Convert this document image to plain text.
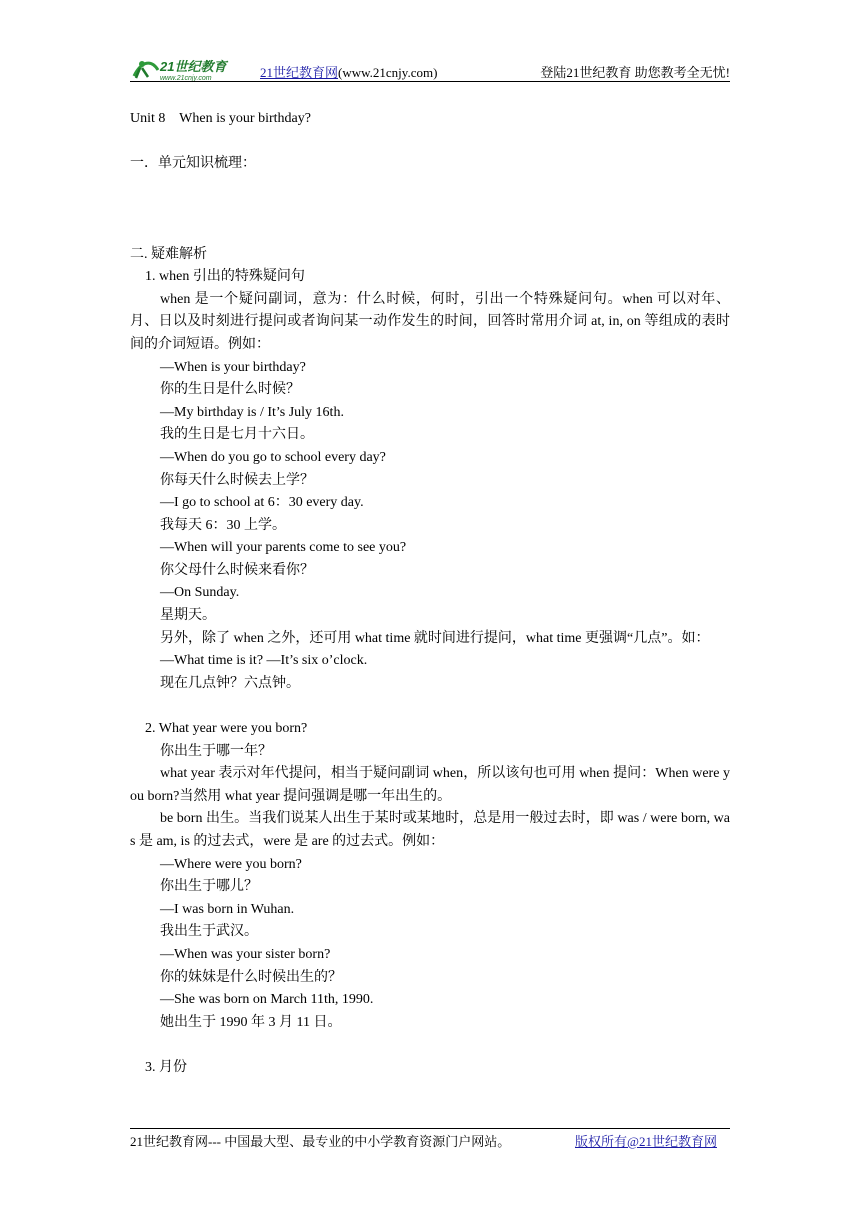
21世纪教育
www.21cnjy.com	21世纪教育网(www.21cnjy.com)	登陆21世纪教育 助您教考全无忧!
Unit 8    When is your birthday?
一．单元知识梳理：
二. 疑难解析
1. when 引出的特殊疑问句
when 是一个疑问副词，意为：什么时候，何时，引出一个特殊疑问句。when 可以对年、月、日以及时刻进行提问或者询问某一动作发生的时间，回答时常用介词 at, in, on 等组成的表时间的介词短语。例如：
—When is your birthday?
你的生日是什么时候？
—My birthday is / It’s July 16th.
我的生日是七月十六日。
—When do you go to school every day?
你每天什么时候去上学？
—I go to school at 6：30 every day.
我每天 6：30 上学。
—When will your parents come to see you?
你父母什么时候来看你？
—On Sunday.
星期天。
另外，除了 when 之外，还可用 what time 就时间进行提问，what time 更强调“几点”。如：
—What time is it? —It’s six o’clock.
现在几点钟？六点钟。
2. What year were you born?
你出生于哪一年？
what year 表示对年代提问，相当于疑问副词 when，所以该句也可用 when 提问：When were you born?当然用 what year 提问强调是哪一年出生的。
be born 出生。当我们说某人出生于某时或某地时，总是用一般过去时，即 was / were born, was 是 am, is 的过去式，were 是 are 的过去式。例如：
—Where were you born?
你出生于哪儿？
—I was born in Wuhan.
我出生于武汉。
—When was your sister born?
你的妹妹是什么时候出生的？
—She was born on March 11th, 1990.
她出生于 1990 年 3 月 11 日。
3. 月份
21世纪教育网--- 中国最大型、最专业的中小学教育资源门户网站。	版权所有@21世纪教育网
